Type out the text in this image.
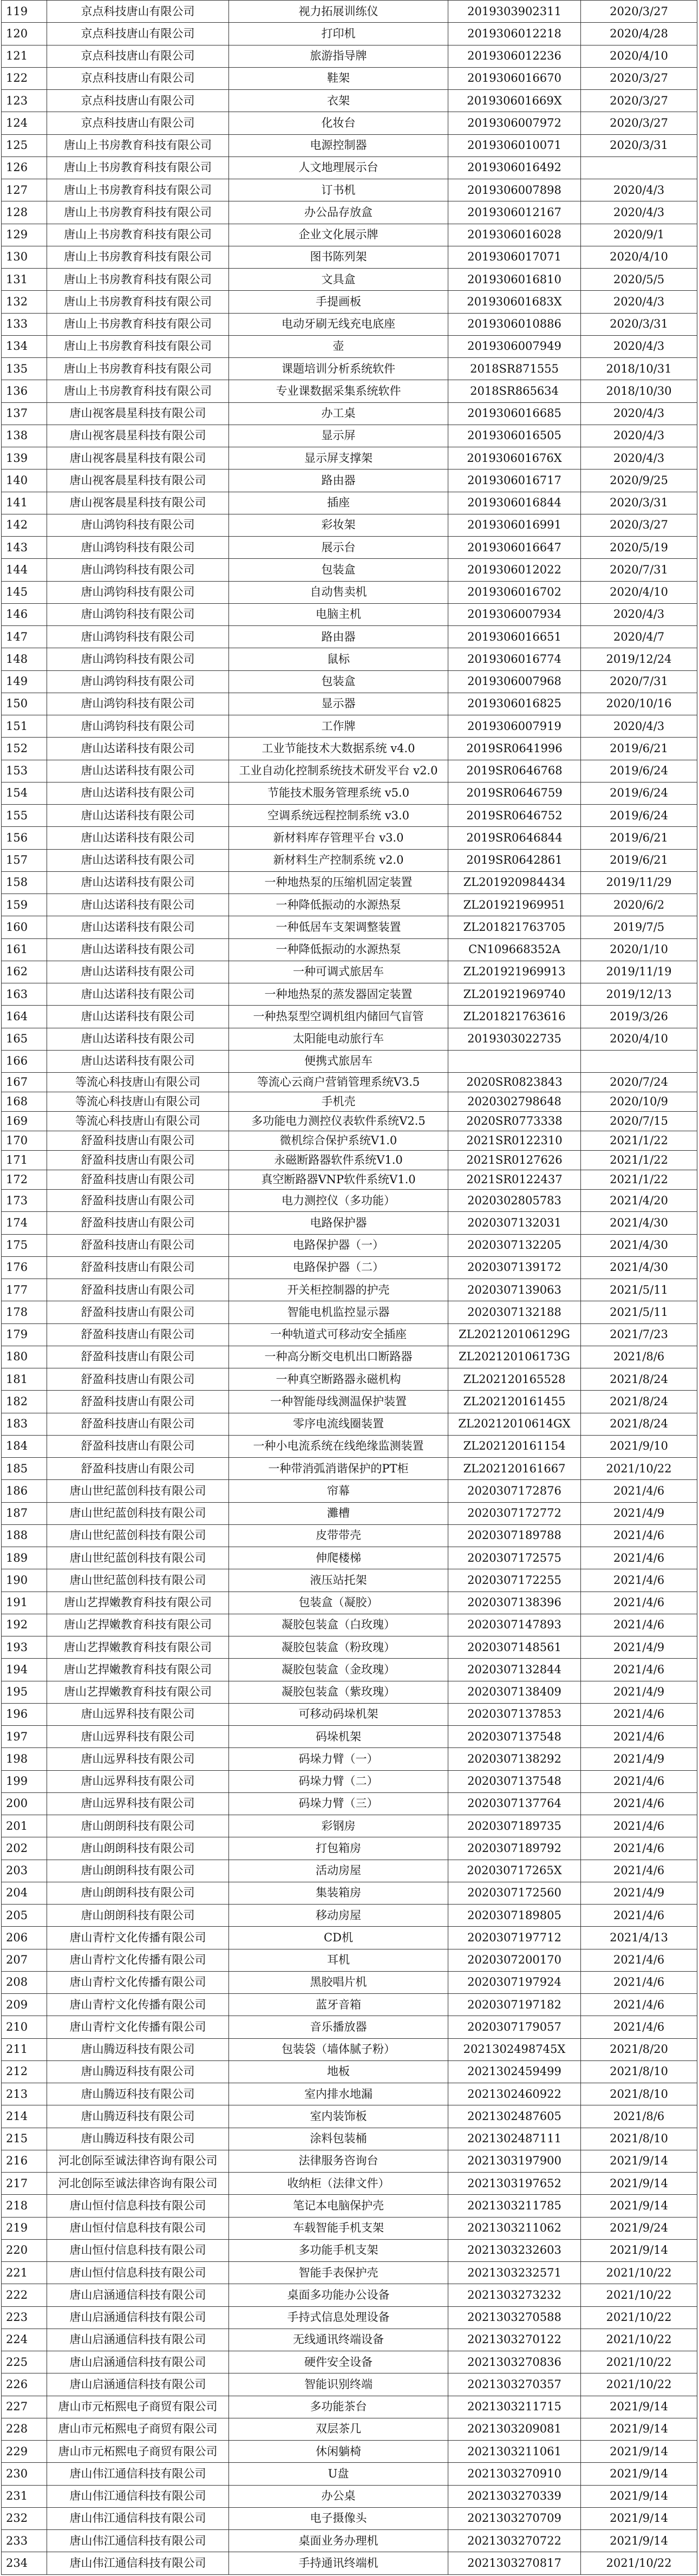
119	京点科技唐山有限公司	视力拓展训练仪	2019303902311	2020/3/27
120	京点科技唐山有限公司	打印机	2019306012218	2020/4/28
121	京点科技唐山有限公司	旅游指导牌	2019306012236	2020/4/10
122	京点科技唐山有限公司	鞋架	2019306016670	2020/3/27
123	京点科技唐山有限公司	衣架	201930601669X	2020/3/27
124	京点科技唐山有限公司	化妆台	2019306007972	2020/3/27
125	唐山上书房教育科技有限公司	电源控制器	2019306010071	2020/3/31
126	唐山上书房教育科技有限公司	人文地理展示台	2019306016492	
127	唐山上书房教育科技有限公司	订书机	2019306007898	2020/4/3
128	唐山上书房教育科技有限公司	办公品存放盒	2019306012167	2020/4/3
129	唐山上书房教育科技有限公司	企业文化展示牌	2019306016028	2020/9/1
130	唐山上书房教育科技有限公司	图书陈列架	2019306017071	2020/4/10
131	唐山上书房教育科技有限公司	文具盒	2019306016810	2020/5/5
132	唐山上书房教育科技有限公司	手提画板	201930601683X	2020/4/3
133	唐山上书房教育科技有限公司	电动牙刷无线充电底座	2019306010886	2020/3/31
134	唐山上书房教育科技有限公司	壶	2019306007949	2020/4/3
135	唐山上书房教育科技有限公司	课题培训分析系统软件	2018SR871555	2018/10/31
136	唐山上书房教育科技有限公司	专业课数据采集系统软件	2018SR865634	2018/10/30
137	唐山视客晨星科技有限公司	办工桌	2019306016685	2020/4/3
138	唐山视客晨星科技有限公司	显示屏	2019306016505	2020/4/3
139	唐山视客晨星科技有限公司	显示屏支撑架	201930601676X	2020/4/3
140	唐山视客晨星科技有限公司	路由器	2019306016717	2020/9/25
141	唐山视客晨星科技有限公司	插座	2019306016844	2020/3/31
142	唐山鸿钧科技有限公司	彩妆架	2019306016991	2020/3/27
143	唐山鸿钧科技有限公司	展示台	2019306016647	2020/5/19
144	唐山鸿钧科技有限公司	包装盒	2019306012022	2020/7/31
145	唐山鸿钧科技有限公司	自动售卖机	2019306016702	2020/4/10
146	唐山鸿钧科技有限公司	电脑主机	2019306007934	2020/4/3
147	唐山鸿钧科技有限公司	路由器	2019306016651	2020/4/7
148	唐山鸿钧科技有限公司	鼠标	2019306016774	2019/12/24
149	唐山鸿钧科技有限公司	包装盒	2019306007968	2020/7/31
150	唐山鸿钧科技有限公司	显示器	2019306016825	2020/10/16
151	唐山鸿钧科技有限公司	工作牌	2019306007919	2020/4/3
152	唐山达诺科技有限公司	工业节能技术大数据系统 v4.0	2019SR0641996	2019/6/21
153	唐山达诺科技有限公司	工业自动化控制系统技术研发平台 v2.0	2019SR0646768	2019/6/24
154	唐山达诺科技有限公司	节能技术服务管理系统 v5.0	2019SR0646759	2019/6/24
155	唐山达诺科技有限公司	空调系统远程控制系统 v3.0	2019SR0646752	2019/6/24
156	唐山达诺科技有限公司	新材料库存管理平台 v3.0	2019SR0646844	2019/6/21
157	唐山达诺科技有限公司	新材料生产控制系统 v2.0	2019SR0642861	2019/6/21
158	唐山达诺科技有限公司	一种地热泵的压缩机固定装置	ZL201920984434	2019/11/29
159	唐山达诺科技有限公司	一种降低振动的水源热泵	ZL201921969951	2020/6/2
160	唐山达诺科技有限公司	一种低居车支架调整装置	ZL201821763705	2019/7/5
161	唐山达诺科技有限公司	一种降低振动的水源热泵	CN109668352A	2020/1/10
162	唐山达诺科技有限公司	一种可调式旅居车	ZL201921969913	2019/11/19
163	唐山达诺科技有限公司	一种地热泵的蒸发器固定装置	ZL201921969740	2019/12/13
164	唐山达诺科技有限公司	一种热泵型空调机组内储回气盲管	ZL201821763616	2019/3/26
165	唐山达诺科技有限公司	太阳能电动旅行车	2019303022735	2020/4/10
166	唐山达诺科技有限公司	便携式旅居车		
167	等流心科技唐山有限公司	等流心云商户营销管理系统V3.5	2020SR0823843	2020/7/24
168	等流心科技唐山有限公司	手机壳	2020302798648	2020/10/9
169	等流心科技唐山有限公司	多功能电力测控仪表软件系统V2.5	2020SR0773338	2020/7/15
170	舒盈科技唐山有限公司	微机综合保护系统V1.0	2021SR0122310	2021/1/22
171	舒盈科技唐山有限公司	永磁断路器软件系统V1.0	2021SR0127626	2021/1/22
172	舒盈科技唐山有限公司	真空断路器VNP软件系统V1.0	2021SR0122437	2021/1/22
173	舒盈科技唐山有限公司	电力测控仪（多功能）	2020302805783	2021/4/20
174	舒盈科技唐山有限公司	电路保护器	2020307132031	2021/4/30
175	舒盈科技唐山有限公司	电路保护器（一）	2020307132205	2021/4/30
176	舒盈科技唐山有限公司	电路保护器（二）	2020307139172	2021/4/30
177	舒盈科技唐山有限公司	开关柜控制器的护壳	2020307139063	2021/5/11
178	舒盈科技唐山有限公司	智能电机监控显示器	2020307132188	2021/5/11
179	舒盈科技唐山有限公司	一种轨道式可移动安全插座	ZL202120106129G	2021/7/23
180	舒盈科技唐山有限公司	一种高分断交电机出口断路器	ZL202120106173G	2021/8/6
181	舒盈科技唐山有限公司	一种真空断路器永磁机构	ZL202120165528	2021/8/24
182	舒盈科技唐山有限公司	一种智能母线测温保护装置	ZL202120161455	2021/8/24
183	舒盈科技唐山有限公司	零序电流线圈装置	ZL20212010614GX	2021/8/24
184	舒盈科技唐山有限公司	一种小电流系统在线绝缘监测装置	ZL202120161154	2021/9/10
185	舒盈科技唐山有限公司	一种带消弧消谐保护的PT柜	ZL202120161667	2021/10/22
186	唐山世纪蓝创科技有限公司	帘幕	2020307172876	2021/4/6
187	唐山世纪蓝创科技有限公司	灘槽	2020307172772	2021/4/9
188	唐山世纪蓝创科技有限公司	皮带带壳	2020307189788	2021/4/6
189	唐山世纪蓝创科技有限公司	伸爬楼梯	2020307172575	2021/4/6
190	唐山世纪蓝创科技有限公司	液压站托架	2020307172255	2021/4/6
191	唐山艺捍嫩教育科技有限公司	包装盒（凝胶）	2020307138396	2021/4/6
192	唐山艺捍嫩教育科技有限公司	凝胶包装盒（白玫瑰）	2020307147893	2021/4/6
193	唐山艺捍嫩教育科技有限公司	凝胶包装盒（粉玫瑰）	2020307148561	2021/4/9
194	唐山艺捍嫩教育科技有限公司	凝胶包装盒（金玫瑰）	2020307132844	2021/4/6
195	唐山艺捍嫩教育科技有限公司	凝胶包装盒（紫玫瑰）	2020307138409	2021/4/9
196	唐山远界科技有限公司	可移动码垛机架	2020307137853	2021/4/6
197	唐山远界科技有限公司	码垛机架	2020307137548	2021/4/6
198	唐山远界科技有限公司	码垛力臂（一）	2020307138292	2021/4/9
199	唐山远界科技有限公司	码垛力臂（二）	2020307137548	2021/4/6
200	唐山远界科技有限公司	码垛力臂（三）	2020307137764	2021/4/6
201	唐山朗朗科技有限公司	彩钢房	2020307189735	2021/4/6
202	唐山朗朗科技有限公司	打包箱房	2020307189792	2021/4/6
203	唐山朗朗科技有限公司	活动房屋	202030717265X	2021/4/6
204	唐山朗朗科技有限公司	集装箱房	2020307172560	2021/4/9
205	唐山朗朗科技有限公司	移动房屋	2020307189805	2021/4/6
206	唐山青柠文化传播有限公司	CD机	2020307197712	2021/4/13
207	唐山青柠文化传播有限公司	耳机	2020307200170	2021/4/6
208	唐山青柠文化传播有限公司	黑胶唱片机	2020307197924	2021/4/6
209	唐山青柠文化传播有限公司	蓝牙音箱	2020307197182	2021/4/6
210	唐山青柠文化传播有限公司	音乐播放器	2020307179057	2021/4/6
211	唐山腾迈科技有限公司	包装袋（墙体腻子粉）	2021302498745X	2021/8/20
212	唐山腾迈科技有限公司	地板	2021302459499	2021/8/10
213	唐山腾迈科技有限公司	室内排水地漏	2021302460922	2021/8/10
214	唐山腾迈科技有限公司	室内装饰板	2021302487605	2021/8/6
215	唐山腾迈科技有限公司	涂料包装桶	2021302487111	2021/8/10
216	河北创际至诚法律咨询有限公司	法律服务咨询台	2021303197900	2021/9/14
217	河北创际至诚法律咨询有限公司	收纳柜（法律文件）	2021303197652	2021/9/14
218	唐山恒付信息科技有限公司	笔记本电脑保护壳	2021303211785	2021/9/14
219	唐山恒付信息科技有限公司	车载智能手机支架	2021303211062	2021/9/24
220	唐山恒付信息科技有限公司	多功能手机支架	2021303232603	2021/9/14
221	唐山恒付信息科技有限公司	智能手表保护壳	2021303232571	2021/10/22
222	唐山启涵通信科技有限公司	桌面多功能办公设备	2021303273232	2021/10/22
223	唐山启涵通信科技有限公司	手持式信息处理设备	2021303270588	2021/10/22
224	唐山启涵通信科技有限公司	无线通讯终端设备	2021303270122	2021/10/22
225	唐山启涵通信科技有限公司	硬件安全设备	2021303270836	2021/10/22
226	唐山启涵通信科技有限公司	智能识别终端	2021303270357	2021/10/22
227	唐山市元柘熙电子商贸有限公司	多功能茶台	2021303211715	2021/9/14
228	唐山市元柘熙电子商贸有限公司	双层茶几	2021303209081	2021/9/14
229	唐山市元柘熙电子商贸有限公司	休闲躺椅	2021303211061	2021/9/14
230	唐山伟江通信科技有限公司	U盘	2021303270910	2021/9/14
231	唐山伟江通信科技有限公司	办公桌	2021303270339	2021/9/14
232	唐山伟江通信科技有限公司	电子摄像头	2021303270709	2021/9/14
233	唐山伟江通信科技有限公司	桌面业务办理机	2021303270722	2021/9/14
234	唐山伟江通信科技有限公司	手持通讯终端机	2021303270817	2021/10/22
